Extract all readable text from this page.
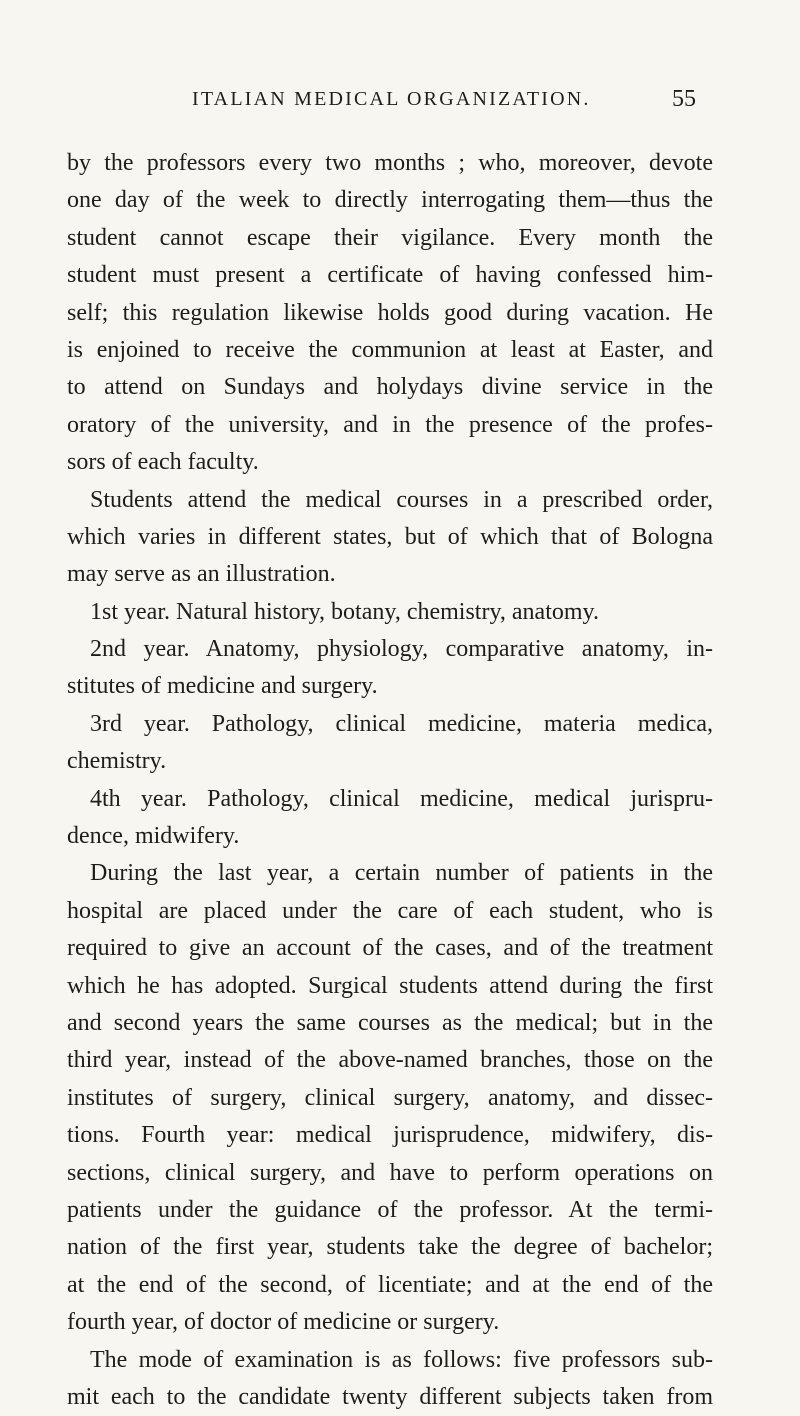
ITALIAN MEDICAL ORGANIZATION.	55
by the professors every two months ; who, moreover, devote
one day of the week to directly interrogating them—thus the
student cannot escape their vigilance. Every month the
student must present a certificate of having confessed him-
self; this regulation likewise holds good during vacation. He
is enjoined to receive the communion at least at Easter, and
to attend on Sundays and holydays divine service in the
oratory of the university, and in the presence of the profes-
sors of each faculty.
Students attend the medical courses in a prescribed order,
which varies in different states, but of which that of Bologna
may serve as an illustration.
1st year. Natural history, botany, chemistry, anatomy.
2nd year. Anatomy, physiology, comparative anatomy, in-
stitutes of medicine and surgery.
3rd year. Pathology, clinical medicine, materia medica,
chemistry.
4th year. Pathology, clinical medicine, medical jurispru-
dence, midwifery.
During the last year, a certain number of patients in the
hospital are placed under the care of each student, who is
required to give an account of the cases, and of the treatment
which he has adopted. Surgical students attend during the first
and second years the same courses as the medical; but in the
third year, instead of the above-named branches, those on the
institutes of surgery, clinical surgery, anatomy, and dissec-
tions. Fourth year: medical jurisprudence, midwifery, dis-
sections, clinical surgery, and have to perform operations on
patients under the guidance of the professor. At the termi-
nation of the first year, students take the degree of bachelor;
at the end of the second, of licentiate; and at the end of the
fourth year, of doctor of medicine or surgery.
The mode of examination is as follows: five professors sub-
mit each to the candidate twenty different subjects taken from
